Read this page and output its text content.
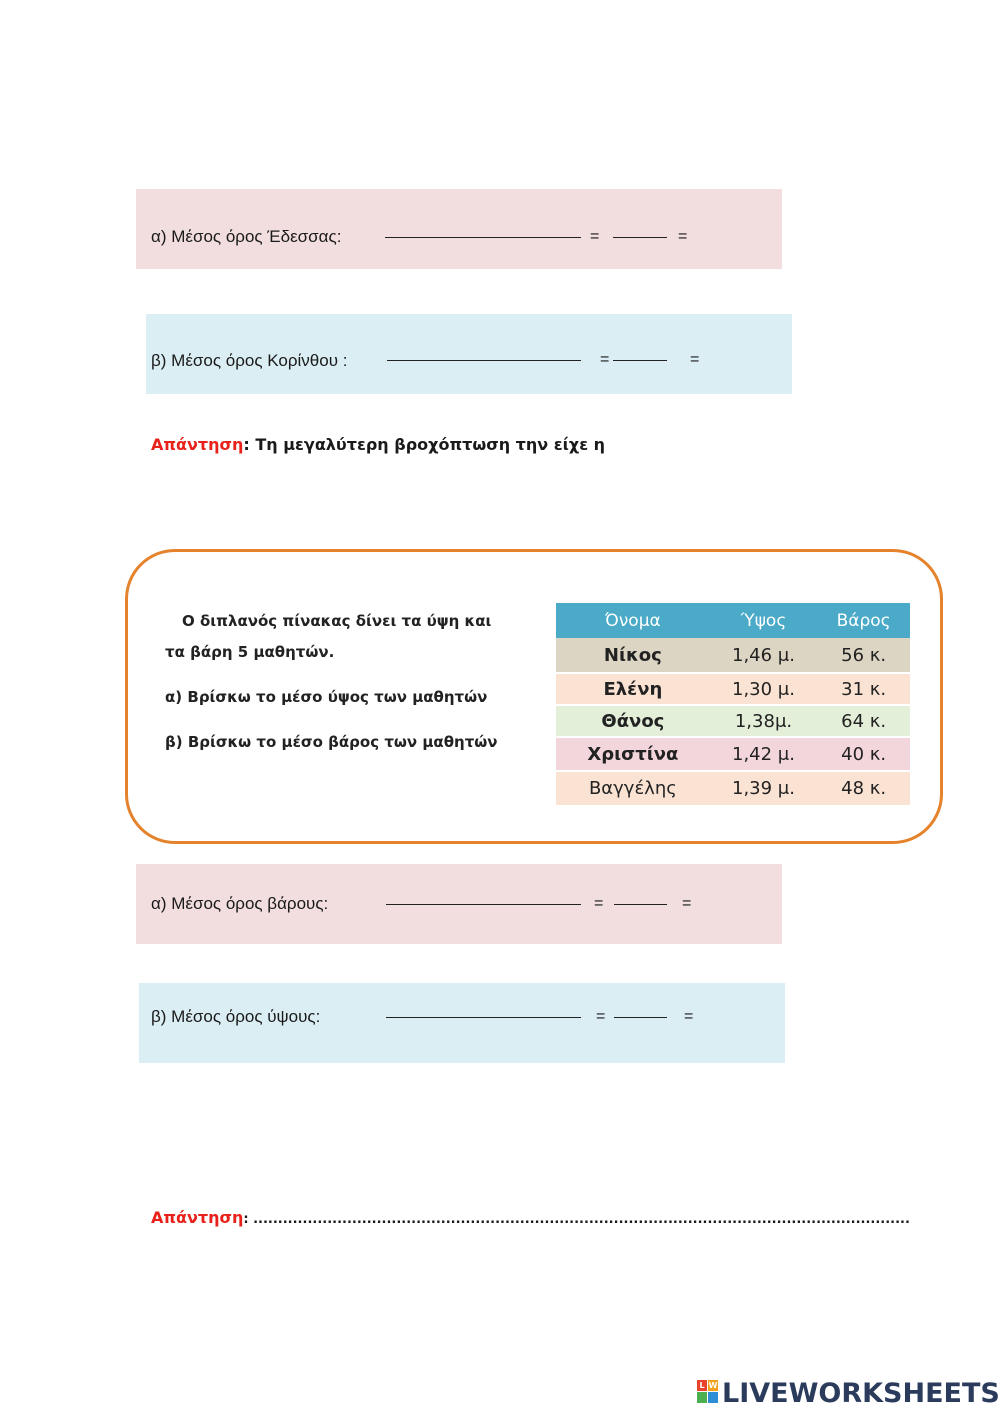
α) Μέσος όρος Έδεσσας:	=	=
β) Μέσος όρος Κορίνθου :	=	=
Απάντηση: Τη μεγαλύτερη βροχόπτωση την είχε η
Ο διπλανός πίνακας δίνει τα ύψη και
τα βάρη 5 μαθητών.
α) Βρίσκω το μέσο ύψος των μαθητών
β) Βρίσκω το μέσο βάρος των μαθητών
Όνομα	Ύψος	Βάρος
Νίκος	1,46 μ.	56 κ.
Ελένη	1,30 μ.	31 κ.
Θάνος	1,38μ.	64 κ.
Χριστίνα	1,42 μ.	40 κ.
Βαγγέλης	1,39 μ.	48 κ.
α) Μέσος όρος βάρους:	=	=
β) Μέσος όρος ύψους:	=	=
Απάντηση: .....................................................................................................................................
L W LIVEWORKSHEETS
